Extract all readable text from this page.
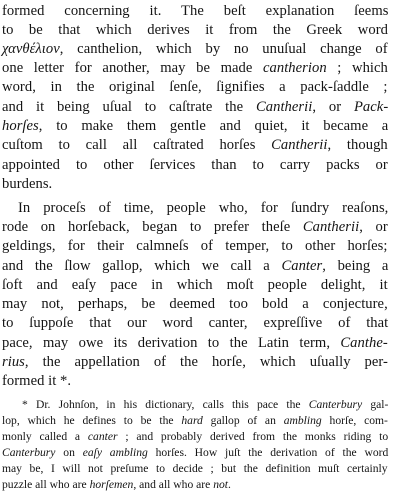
formed concerning it. The beſt explanation ſeems
to be that which derives it from the Greek word
χανθέλιον, canthelion, which by no unuſual change of
one letter for another, may be made cantherion ; which
word, in the original ſenſe, ſignifies a pack-ſaddle ;
and it being uſual to caſtrate the Cantherii, or Pack-
horſes, to make them gentle and quiet, it became a
cuſtom to call all caſtrated horſes Cantherii, though
appointed to other ſervices than to carry packs or
burdens.
In proceſs of time, people who, for ſundry reaſons,
rode on horſeback, began to prefer theſe Cantherii, or
geldings, for their calmneſs of temper, to other horſes;
and the ſlow gallop, which we call a Canter, being a
ſoft and eaſy pace in which moſt people delight, it
may not, perhaps, be deemed too bold a conjecture,
to ſuppoſe that our word canter, expreſſive of that
pace, may owe its derivation to the Latin term, Canthe-
rius, the appellation of the horſe, which uſually per-
formed it *.
* Dr. Johnſon, in his dictionary, calls this pace the Canterbury gal-
lop, which he defines to be the hard gallop of an ambling horſe, com-
monly called a canter ; and probably derived from the monks riding to
Canterbury on eaſy ambling horſes. How juſt the derivation of the word
may be, I will not preſume to decide ; but the definition muſt certainly
puzzle all who are horſemen, and all who are not.
